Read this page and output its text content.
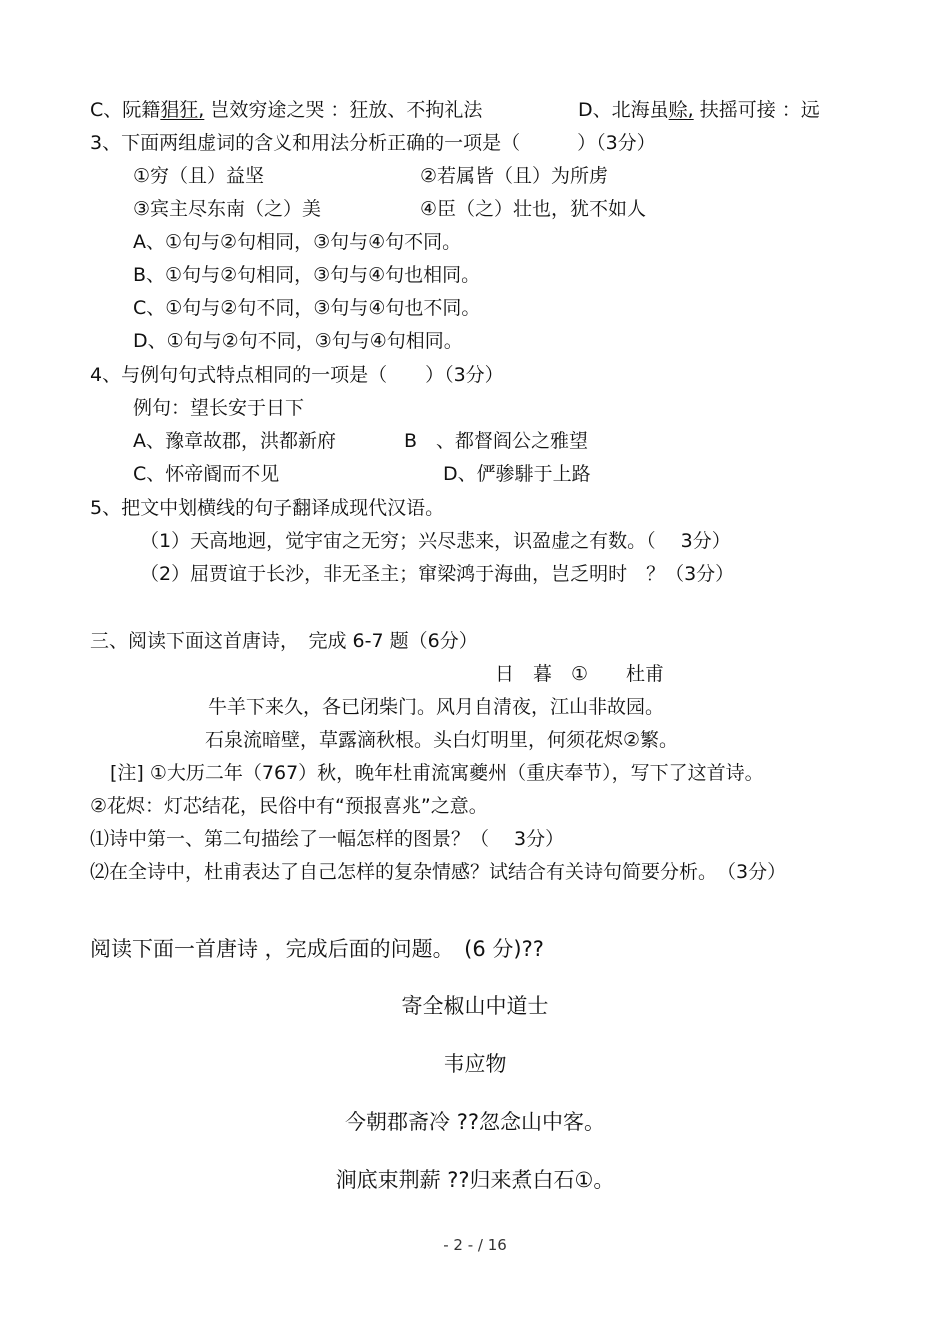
C、阮籍猖狂, 岂效穷途之哭 ：狂放、不拘礼法	D、北海虽赊, 扶摇可接 ：远
3、下面两组虚词的含义和用法分析正确的一项是（　　　）（3分）
①穷（且）益坚	②若属皆（且）为所虏
③宾主尽东南（之）美	④臣（之）壮也，犹不如人
A、①句与②句相同，③句与④句不同。
B、①句与②句相同，③句与④句也相同。
C、①句与②句不同，③句与④句也不同。
D、①句与②句不同，③句与④句相同。
4、与例句句式特点相同的一项是（　　）（3分）
例句：望长安于日下
A、豫章故郡，洪都新府	B　、都督阎公之雅望
C、怀帝阍而不见	D、俨骖騑于上路
5、把文中划横线的句子翻译成现代汉语。
（1）天高地迥，觉宇宙之无穷；兴尽悲来，识盈虚之有数。（　 3分）
（2）屈贾谊于长沙，非无圣主；窜梁鸿于海曲，岂乏明时　？（3分）
三、阅读下面这首唐诗，　完成 6-7 题（6分）
日　暮　①　　杜甫
牛羊下来久，各已闭柴门。风月自清夜，江山非故园。
石泉流暗壁，草露滴秋根。头白灯明里，何须花烬②繁。
[注] ①大历二年（767）秋，晚年杜甫流寓夔州（重庆奉节），写下了这首诗。
②花烬：灯芯结花，民俗中有“预报喜兆”之意。
⑴诗中第一、第二句描绘了一幅怎样的图景？（　 3分）
⑵在全诗中，杜甫表达了自己怎样的复杂情感？试结合有关诗句简要分析。　（3分）
阅读下面一首唐诗 ，完成后面的问题。　(6 分)??
寄全椒山中道士
韦应物
今朝郡斋冷 ??忽念山中客。
涧底束荆薪 ??归来煮白石①。
- 2 - / 16
